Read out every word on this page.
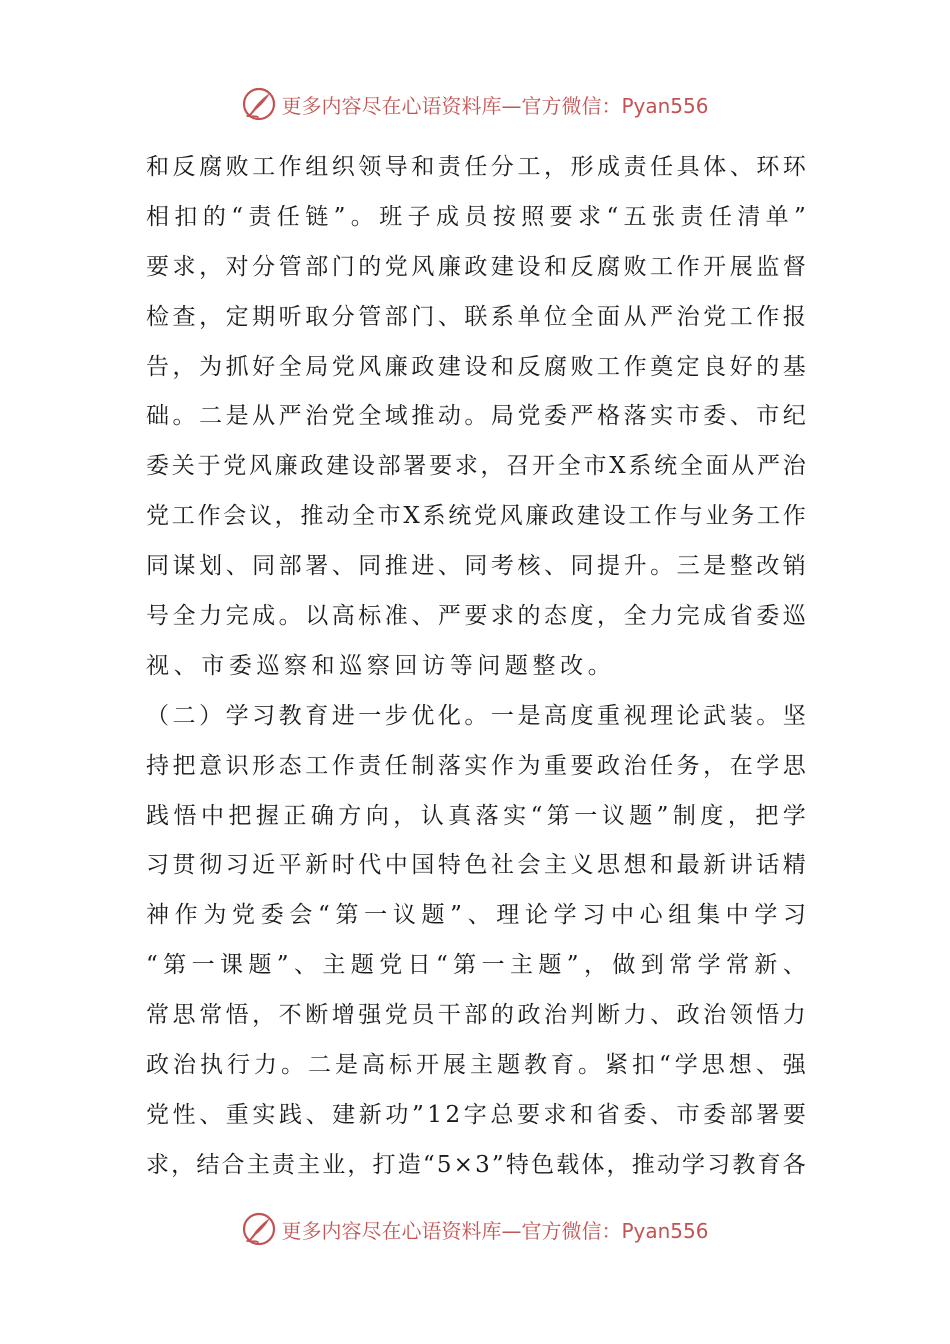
更多内容尽在心语资料库—官方微信：Pyan556
和 反 腐 败 工 作 组 织 领 导 和 责 任 分 工 ， 形 成 责 任 具 体 、 环 环
相 扣 的 “ 责 任 链 ” 。 班 子 成 员 按 照 要 求 “ 五 张 责 任 清 单 ”
要 求 ， 对 分 管 部 门 的 党 风 廉 政 建 设 和 反 腐 败 工 作 开 展 监 督
检 查 ， 定 期 听 取 分 管 部 门 、 联 系 单 位 全 面 从 严 治 党 工 作 报
告 ， 为 抓 好 全 局 党 风 廉 政 建 设 和 反 腐 败 工 作 奠 定 良 好 的 基
础 。 二 是 从 严 治 党 全 域 推 动 。 局 党 委 严 格 落 实 市 委 、 市 纪
委 关 于 党 风 廉 政 建 设 部 署 要 求 ， 召 开 全 市 X 系 统 全 面 从 严 治
党 工 作 会 议 ， 推 动 全 市 X 系 统 党 风 廉 政 建 设 工 作 与 业 务 工 作
同 谋 划 、 同 部 署 、 同 推 进 、 同 考 核 、 同 提 升 。 三 是 整 改 销
号 全 力 完 成 。 以 高 标 准 、 严 要 求 的 态 度 ， 全 力 完 成 省 委 巡
视 、 市 委 巡 察 和 巡 察 回 访 等 问 题 整 改 。
（ 二 ） 学 习 教 育 进 一 步 优 化 。 一 是 高 度 重 视 理 论 武 装 。 坚
持 把 意 识 形 态 工 作 责 任 制 落 实 作 为 重 要 政 治 任 务 ， 在 学 思
践 悟 中 把 握 正 确 方 向 ， 认 真 落 实 “ 第 一 议 题 ” 制 度 ， 把 学
习 贯 彻 习 近 平 新 时 代 中 国 特 色 社 会 主 义 思 想 和 最 新 讲 话 精
神 作 为 党 委 会 “ 第 一 议 题 ” 、 理 论 学 习 中 心 组 集 中 学 习
“ 第 一 课 题 ” 、 主 题 党 日 “ 第 一 主 题 ” ， 做 到 常 学 常 新 、
常 思 常 悟 ， 不 断 增 强 党 员 干 部 的 政 治 判 断 力 、 政 治 领 悟 力
政 治 执 行 力 。 二 是 高 标 开 展 主 题 教 育 。 紧 扣 “ 学 思 想 、 强
党 性 、 重 实 践 、 建 新 功 ” 1 2 字 总 要 求 和 省 委 、 市 委 部 署 要
求 ， 结 合 主 责 主 业 ， 打 造 “ 5 × 3 ” 特 色 载 体 ， 推 动 学 习 教 育 各
更多内容尽在心语资料库—官方微信：Pyan556
